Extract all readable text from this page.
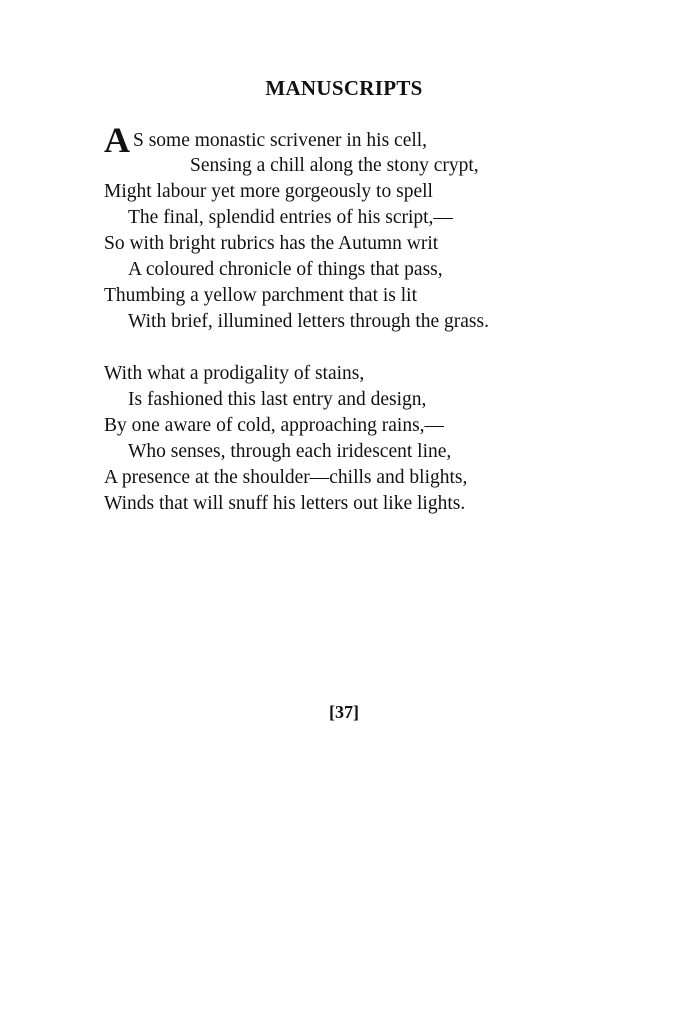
MANUSCRIPTS
A S some monastic scrivener in his cell,
Sensing a chill along the stony crypt,
Might labour yet more gorgeously to spell
The final, splendid entries of his script,—
So with bright rubrics has the Autumn writ
A coloured chronicle of things that pass,
Thumbing a yellow parchment that is lit
With brief, illumined letters through the grass.
With what a prodigality of stains,
Is fashioned this last entry and design,
By one aware of cold, approaching rains,—
Who senses, through each iridescent line,
A presence at the shoulder—chills and blights,
Winds that will snuff his letters out like lights.
[37]
